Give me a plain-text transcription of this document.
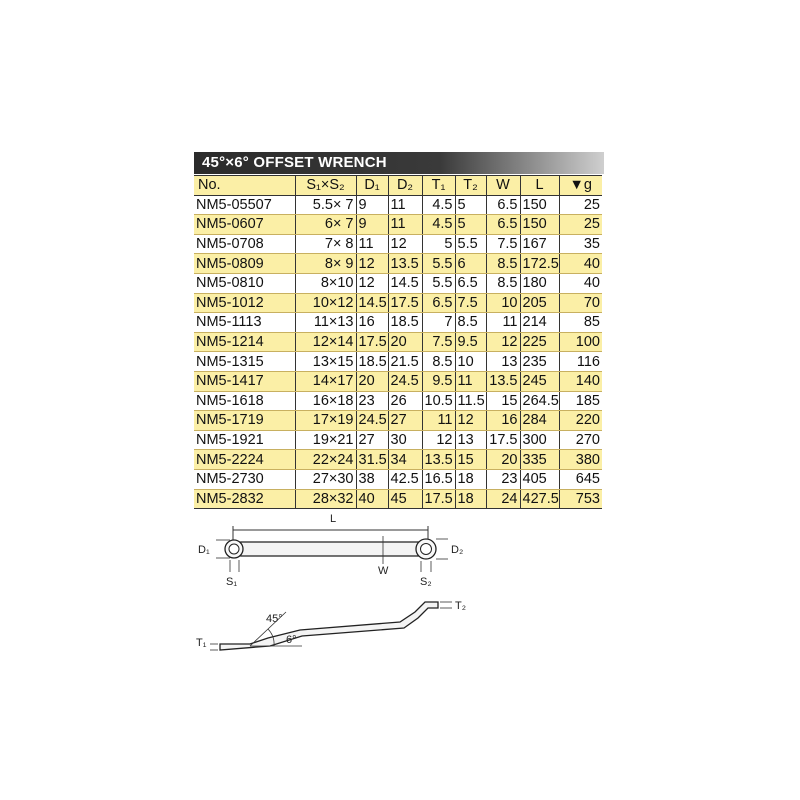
45°×6° OFFSET WRENCH
No.	S₁×S₂	D₁	D₂	T₁	T₂	W	L	▼g
NM5-05507	5.5× 7	9	11	4.5	5	6.5	150	25
NM5-0607	6× 7	9	11	4.5	5	6.5	150	25
NM5-0708	7× 8	11	12	5	5.5	7.5	167	35
NM5-0809	8× 9	12	13.5	5.5	6	8.5	172.5	40
NM5-0810	8×10	12	14.5	5.5	6.5	8.5	180	40
NM5-1012	10×12	14.5	17.5	6.5	7.5	10	205	70
NM5-1113	11×13	16	18.5	7	8.5	11	214	85
NM5-1214	12×14	17.5	20	7.5	9.5	12	225	100
NM5-1315	13×15	18.5	21.5	8.5	10	13	235	116
NM5-1417	14×17	20	24.5	9.5	11	13.5	245	140
NM5-1618	16×18	23	26	10.5	11.5	15	264.5	185
NM5-1719	17×19	24.5	27	11	12	16	284	220
NM5-1921	19×21	27	30	12	13	17.5	300	270
NM5-2224	22×24	31.5	34	13.5	15	20	335	380
NM5-2730	27×30	38	42.5	16.5	18	23	405	645
NM5-2832	28×32	40	45	17.5	18	24	427.5	753
L
D₁	D₂
S₁	S₂
W
T₁
T₂
45°
6°
